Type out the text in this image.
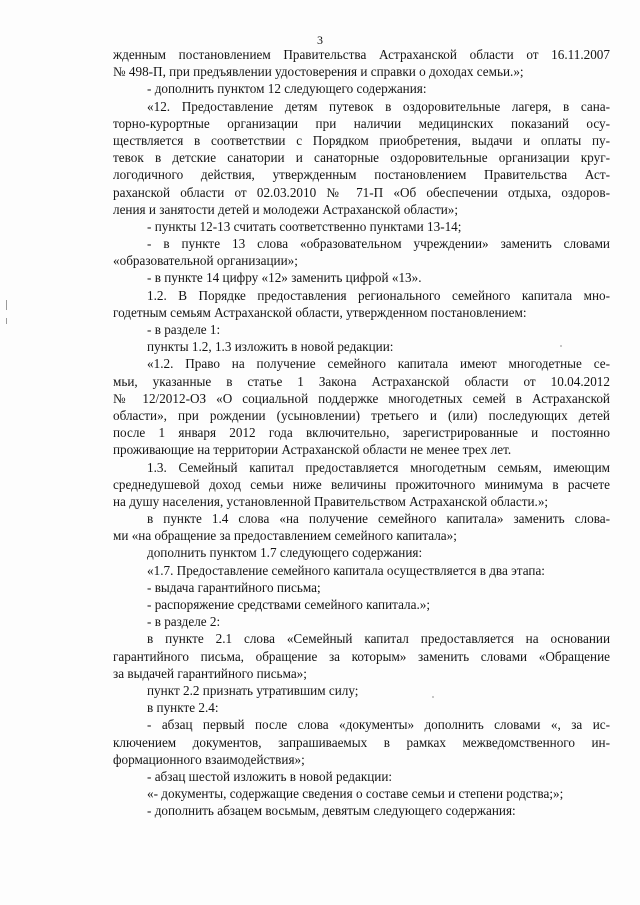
3
жденным постановлением Правительства Астраханской области от 16.11.2007
№ 498-П, при предъявлении удостоверения и справки о доходах семьи.»;
- дополнить пунктом 12 следующего содержания:
«12. Предоставление детям путевок в оздоровительные лагеря, в сана-
торно-курортные организации при наличии медицинских показаний осу-
ществляется в соответствии с Порядком приобретения, выдачи и оплаты пу-
тевок в детские санатории и санаторные оздоровительные организации круг-
логодичного действия, утвержденным постановлением Правительства Аст-
раханской области от 02.03.2010 № 71-П «Об обеспечении отдыха, оздоров-
ления и занятости детей и молодежи Астраханской области»;
- пункты 12-13 считать соответственно пунктами 13-14;
- в пункте 13 слова «образовательном учреждении» заменить словами
«образовательной организации»;
- в пункте 14 цифру «12» заменить цифрой «13».
1.2. В Порядке предоставления регионального семейного капитала мно-
годетным семьям Астраханской области, утвержденном постановлением:
- в разделе 1:
пункты 1.2, 1.3 изложить в новой редакции:
«1.2. Право на получение семейного капитала имеют многодетные се-
мьи, указанные в статье 1 Закона Астраханской области от 10.04.2012
№ 12/2012-ОЗ «О социальной поддержке многодетных семей в Астраханской
области», при рождении (усыновлении) третьего и (или) последующих детей
после 1 января 2012 года включительно, зарегистрированные и постоянно
проживающие на территории Астраханской области не менее трех лет.
1.3. Семейный капитал предоставляется многодетным семьям, имеющим
среднедушевой доход семьи ниже величины прожиточного минимума в расчете
на душу населения, установленной Правительством Астраханской области.»;
в пункте 1.4 слова «на получение семейного капитала» заменить слова-
ми «на обращение за предоставлением семейного капитала»;
дополнить пунктом 1.7 следующего содержания:
«1.7. Предоставление семейного капитала осуществляется в два этапа:
- выдача гарантийного письма;
- распоряжение средствами семейного капитала.»;
- в разделе 2:
в пункте 2.1 слова «Семейный капитал предоставляется на основании
гарантийного письма, обращение за которым» заменить словами «Обращение
за выдачей гарантийного письма»;
пункт 2.2 признать утратившим силу;
в пункте 2.4:
- абзац первый после слова «документы» дополнить словами «, за ис-
ключением документов, запрашиваемых в рамках межведомственного ин-
формационного взаимодействия»;
- абзац шестой изложить в новой редакции:
«- документы, содержащие сведения о составе семьи и степени родства;»;
- дополнить абзацем восьмым, девятым следующего содержания:
